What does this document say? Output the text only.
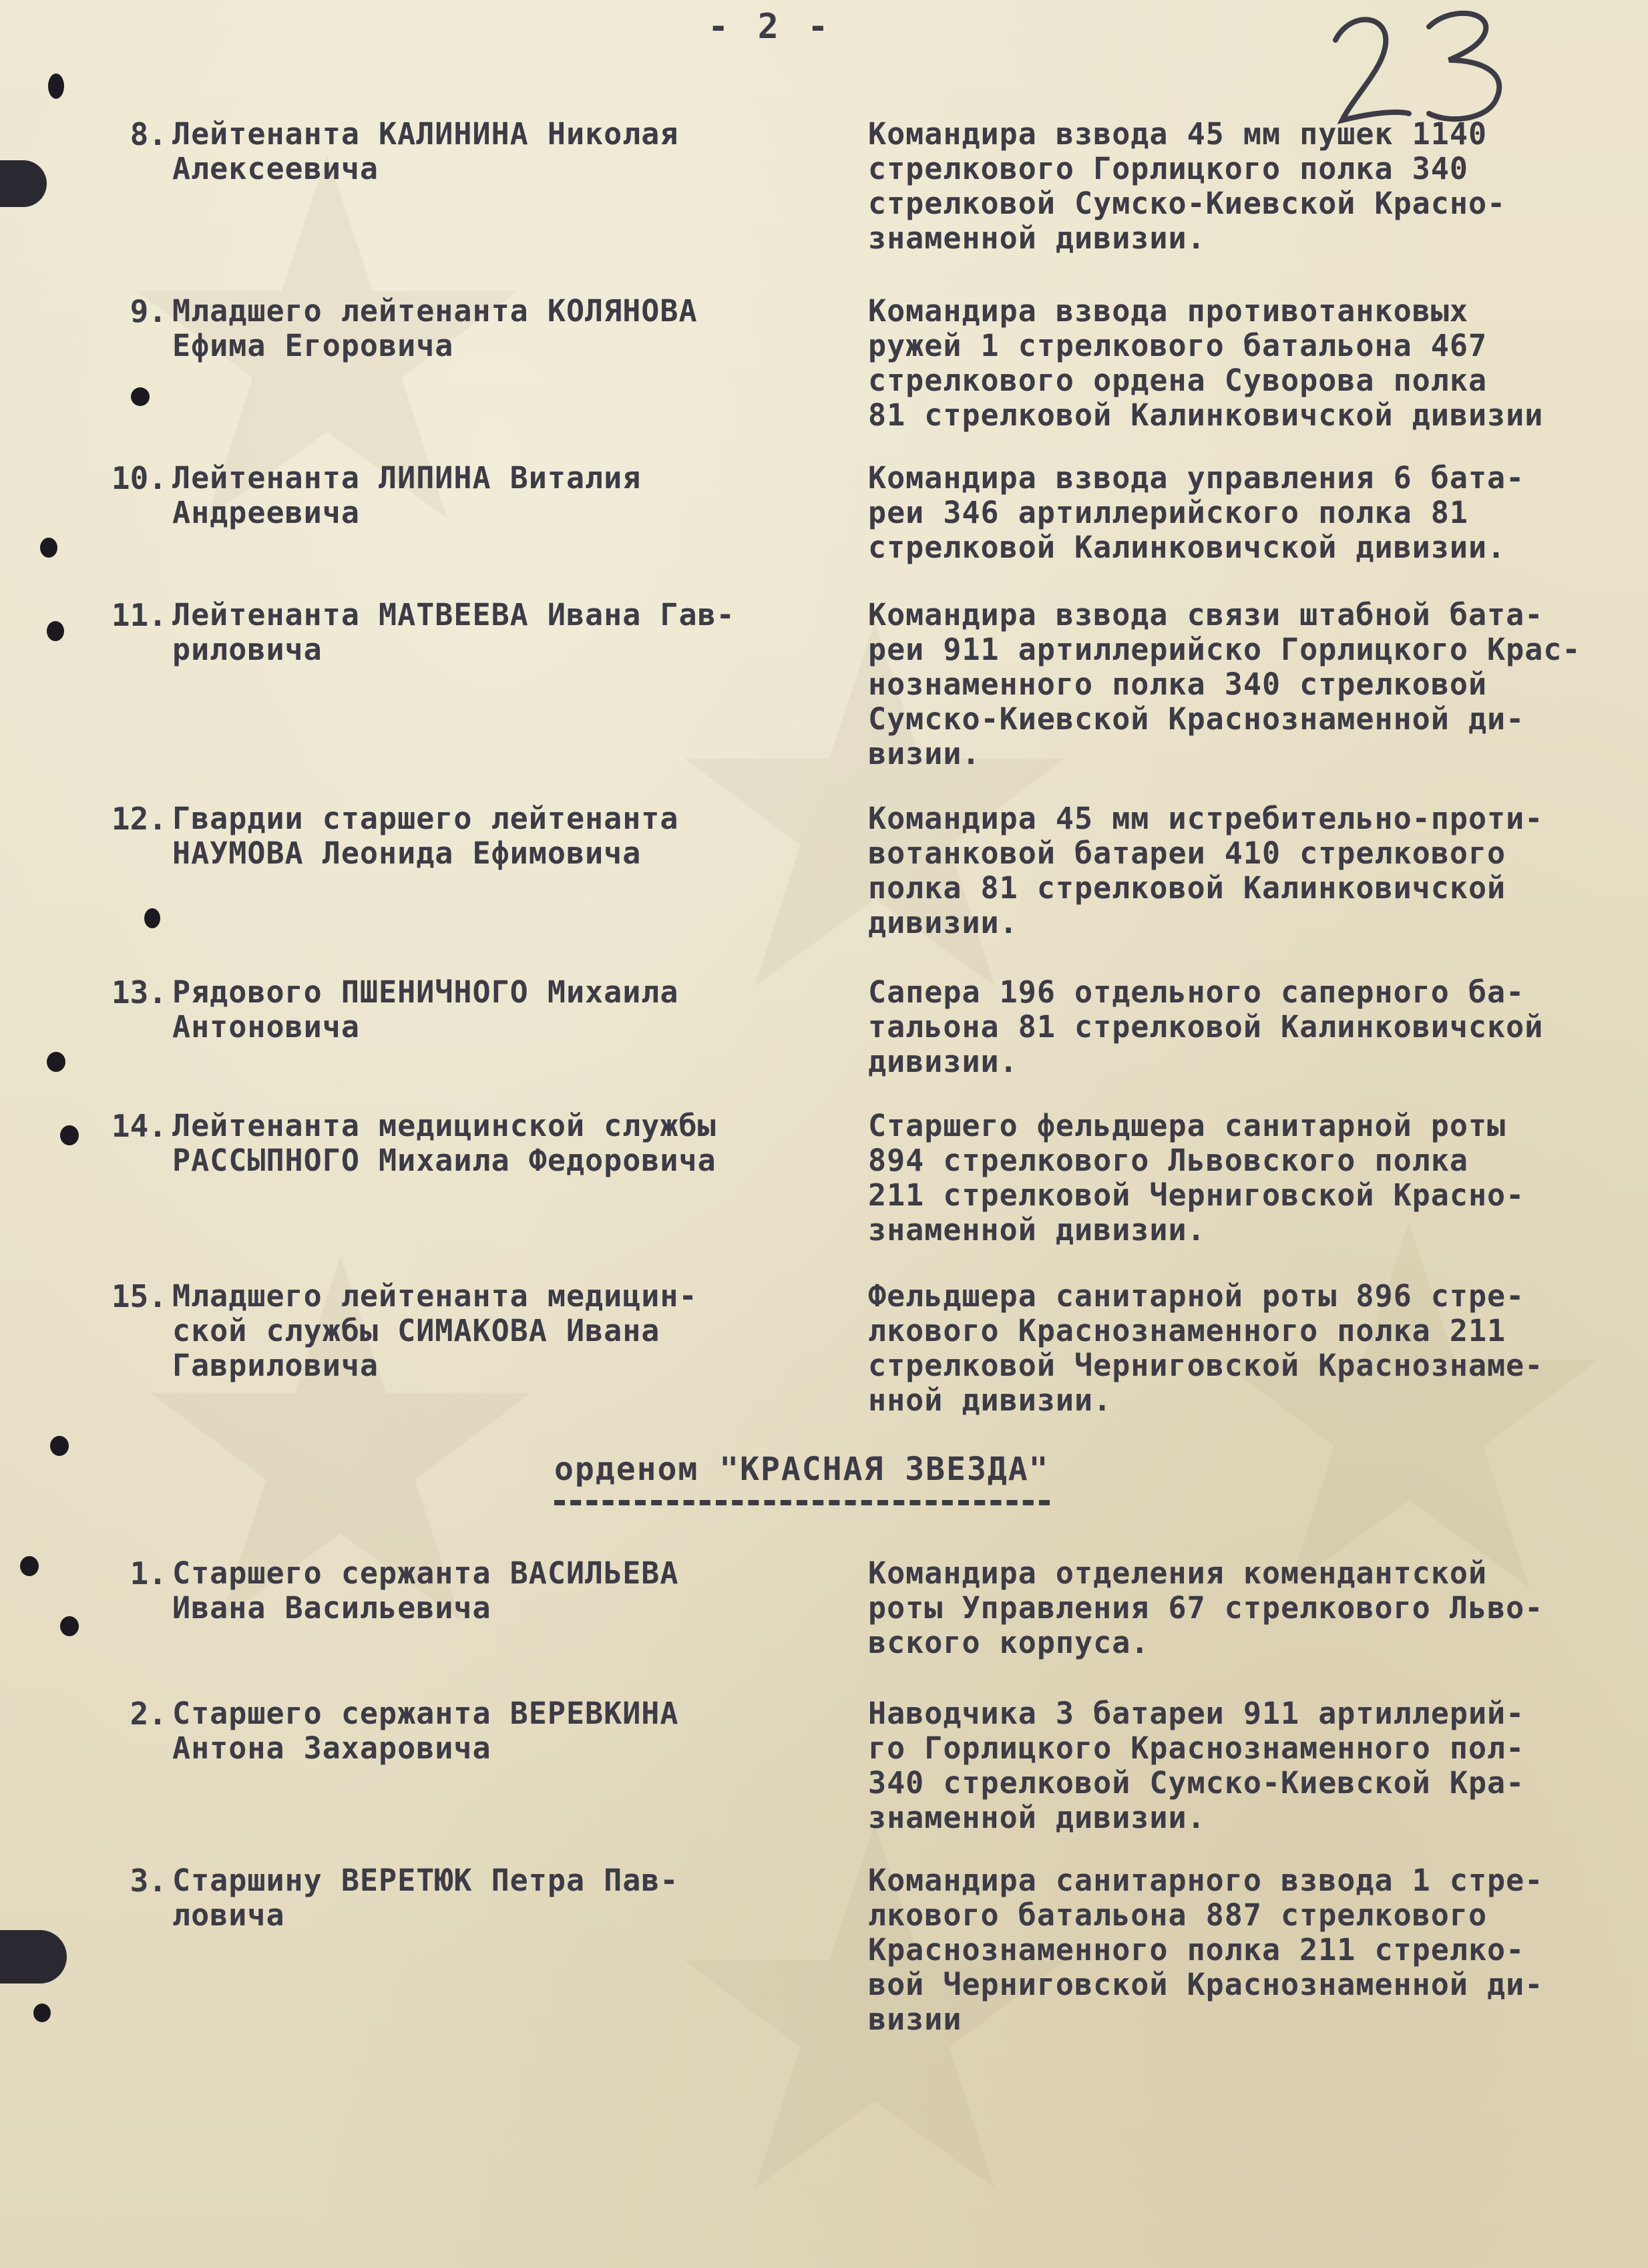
- 2 -
8. Лейтенанта КАЛИНИНА Николая
Алексеевича
Командира взвода 45 мм пушек 1140
стрелкового Горлицкого полка 340
стрелковой Сумско-Киевской Красно-
знаменной дивизии.
9. Младшего лейтенанта КОЛЯНОВА
Ефима Егоровича
Командира взвода противотанковых
ружей 1 стрелкового батальона 467
стрелкового ордена Суворова полка
81 стрелковой Калинковичской дивизии
10. Лейтенанта ЛИПИНА Виталия
Андреевича
Командира взвода управления 6 бата-
реи 346 артиллерийского полка 81
стрелковой Калинковичской дивизии.
11. Лейтенанта МАТВЕЕВА Ивана Гав-
риловича
Командира взвода связи штабной бата-
реи 911 артиллерийско Горлицкого Крас-
нознаменного полка 340 стрелковой
Сумско-Киевской Краснознаменной ди-
визии.
12. Гвардии старшего лейтенанта
НАУМОВА Леонида Ефимовича
Командира 45 мм истребительно-проти-
вотанковой батареи 410 стрелкового
полка 81 стрелковой Калинковичской
дивизии.
13. Рядового ПШЕНИЧНОГО Михаила
Антоновича
Сапера 196 отдельного саперного ба-
тальона 81 стрелковой Калинковичской
дивизии.
14. Лейтенанта медицинской службы
РАССЫПНОГО Михаила Федоровича
Старшего фельдшера санитарной роты
894 стрелкового Львовского полка
211 стрелковой Черниговской Красно-
знаменной дивизии.
15. Младшего лейтенанта медицин-
ской службы СИМАКОВА Ивана
Гавриловича
Фельдшера санитарной роты 896 стре-
лкового Краснознаменного полка 211
стрелковой Черниговской Краснознаме-
нной дивизии.
орденом "КРАСНАЯ ЗВЕЗДА"
1. Старшего сержанта ВАСИЛЬЕВА
Ивана Васильевича
Командира отделения комендантской
роты Управления 67 стрелкового Льво-
вского корпуса.
2. Старшего сержанта ВЕРЕВКИНА
Антона Захаровича
Наводчика 3 батареи 911 артиллерий-
го Горлицкого Краснознаменного пол-
340 стрелковой Сумско-Киевской Кра-
знаменной дивизии.
3. Старшину ВЕРЕТЮК Петра Пав-
ловича
Командира санитарного взвода 1 стре-
лкового батальона 887 стрелкового
Краснознаменного полка 211 стрелко-
вой Черниговской Краснознаменной ди-
визии
